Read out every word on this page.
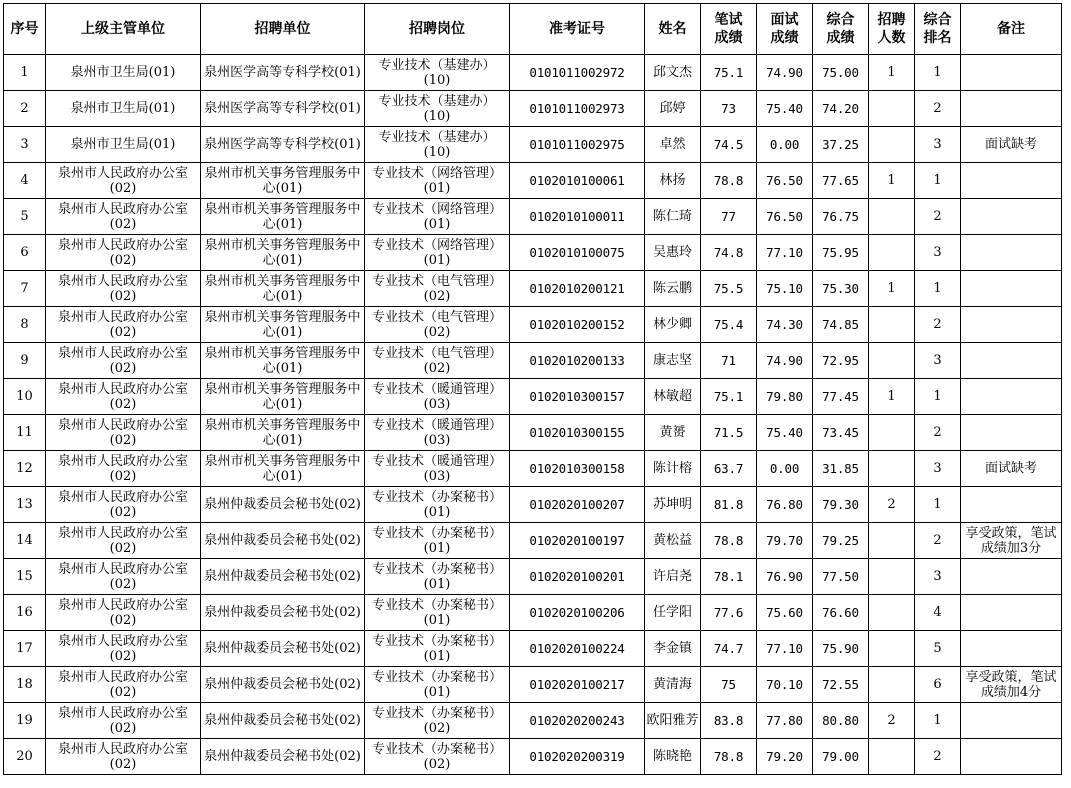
序号	上级主管单位	招聘单位	招聘岗位	准考证号	姓名	笔试成绩	面试成绩	综合成绩	招聘人数	综合排名	备注
1	泉州市卫生局(01)	泉州医学高等专科学校(01)	专业技术（基建办）(10)	0101011002972	邱文杰	75.1	74.90	75.00	1	1	
2	泉州市卫生局(01)	泉州医学高等专科学校(01)	专业技术（基建办）(10)	0101011002973	邱婷	73	75.40	74.20		2	
3	泉州市卫生局(01)	泉州医学高等专科学校(01)	专业技术（基建办）(10)	0101011002975	卓然	74.5	0.00	37.25		3	面试缺考
4	泉州市人民政府办公室(02)	泉州市机关事务管理服务中心(01)	专业技术（网络管理）(01)	0102010100061	林扬	78.8	76.50	77.65	1	1	
5	泉州市人民政府办公室(02)	泉州市机关事务管理服务中心(01)	专业技术（网络管理）(01)	0102010100011	陈仁琦	77	76.50	76.75		2	
6	泉州市人民政府办公室(02)	泉州市机关事务管理服务中心(01)	专业技术（网络管理）(01)	0102010100075	吴惠玲	74.8	77.10	75.95		3	
7	泉州市人民政府办公室(02)	泉州市机关事务管理服务中心(01)	专业技术（电气管理）(02)	0102010200121	陈云鹏	75.5	75.10	75.30	1	1	
8	泉州市人民政府办公室(02)	泉州市机关事务管理服务中心(01)	专业技术（电气管理）(02)	0102010200152	林少卿	75.4	74.30	74.85		2	
9	泉州市人民政府办公室(02)	泉州市机关事务管理服务中心(01)	专业技术（电气管理）(02)	0102010200133	康志坚	71	74.90	72.95		3	
10	泉州市人民政府办公室(02)	泉州市机关事务管理服务中心(01)	专业技术（暖通管理）(03)	0102010300157	林敏超	75.1	79.80	77.45	1	1	
11	泉州市人民政府办公室(02)	泉州市机关事务管理服务中心(01)	专业技术（暖通管理）(03)	0102010300155	黄赟	71.5	75.40	73.45		2	
12	泉州市人民政府办公室(02)	泉州市机关事务管理服务中心(01)	专业技术（暖通管理）(03)	0102010300158	陈计榕	63.7	0.00	31.85		3	面试缺考
13	泉州市人民政府办公室(02)	泉州仲裁委员会秘书处(02)	专业技术（办案秘书）(01)	0102020100207	苏坤明	81.8	76.80	79.30	2	1	
14	泉州市人民政府办公室(02)	泉州仲裁委员会秘书处(02)	专业技术（办案秘书）(01)	0102020100197	黄松益	78.8	79.70	79.25		2	享受政策，笔试成绩加3分
15	泉州市人民政府办公室(02)	泉州仲裁委员会秘书处(02)	专业技术（办案秘书）(01)	0102020100201	许启尧	78.1	76.90	77.50		3	
16	泉州市人民政府办公室(02)	泉州仲裁委员会秘书处(02)	专业技术（办案秘书）(01)	0102020100206	任学阳	77.6	75.60	76.60		4	
17	泉州市人民政府办公室(02)	泉州仲裁委员会秘书处(02)	专业技术（办案秘书）(01)	0102020100224	李金镇	74.7	77.10	75.90		5	
18	泉州市人民政府办公室(02)	泉州仲裁委员会秘书处(02)	专业技术（办案秘书）(01)	0102020100217	黄清海	75	70.10	72.55		6	享受政策，笔试成绩加4分
19	泉州市人民政府办公室(02)	泉州仲裁委员会秘书处(02)	专业技术（办案秘书）(02)	0102020200243	欧阳雅芳	83.8	77.80	80.80	2	1	
20	泉州市人民政府办公室(02)	泉州仲裁委员会秘书处(02)	专业技术（办案秘书）(02)	0102020200319	陈晓艳	78.8	79.20	79.00		2	
